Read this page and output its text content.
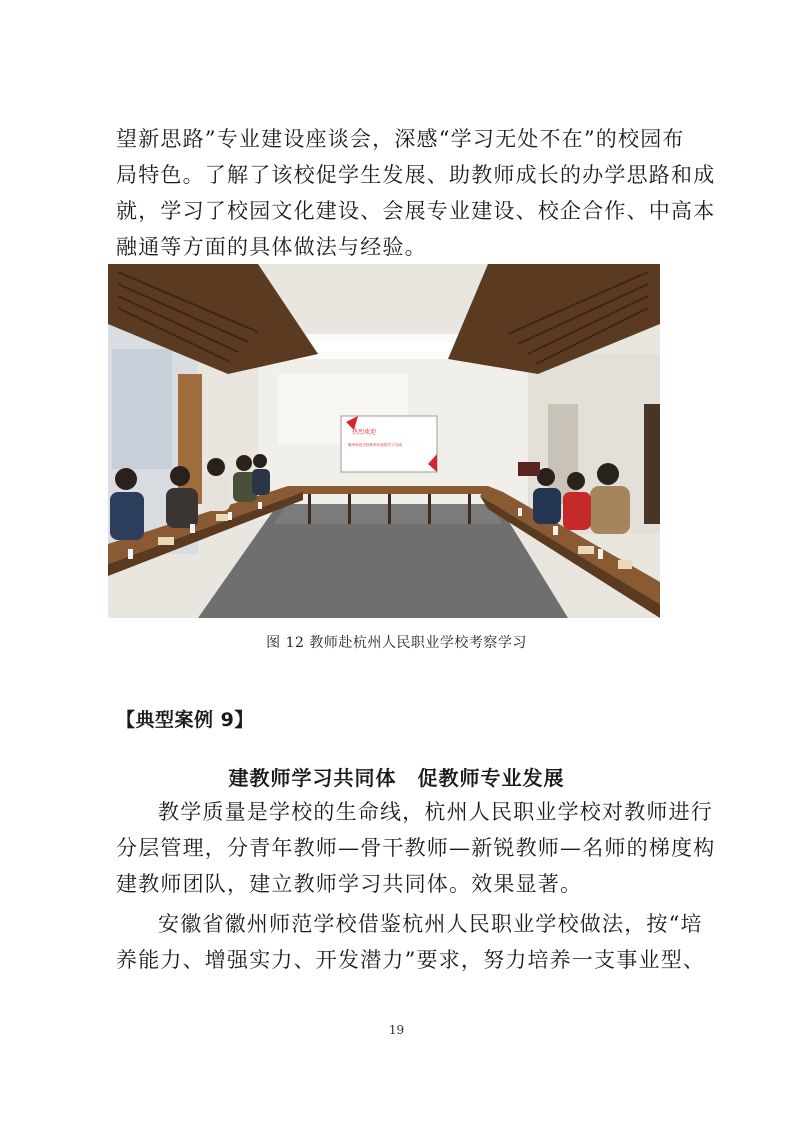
望新思路”专业建设座谈会，深感“学习无处不在”的校园布
局特色。了解了该校促学生发展、助教师成长的办学思路和成
就，学习了校园文化建设、会展专业建设、校企合作、中高本
融通等方面的具体做法与经验。
热烈欢迎
徽州师范学校教师来我校学习交流
图 12 教师赴杭州人民职业学校考察学习
【典型案例 9】
建教师学习共同体　促教师专业发展
教学质量是学校的生命线，杭州人民职业学校对教师进行
分层管理，分青年教师—骨干教师—新锐教师—名师的梯度构
建教师团队，建立教师学习共同体。效果显著。
安徽省徽州师范学校借鉴杭州人民职业学校做法，按“培
养能力、增强实力、开发潜力”要求，努力培养一支事业型、
19
